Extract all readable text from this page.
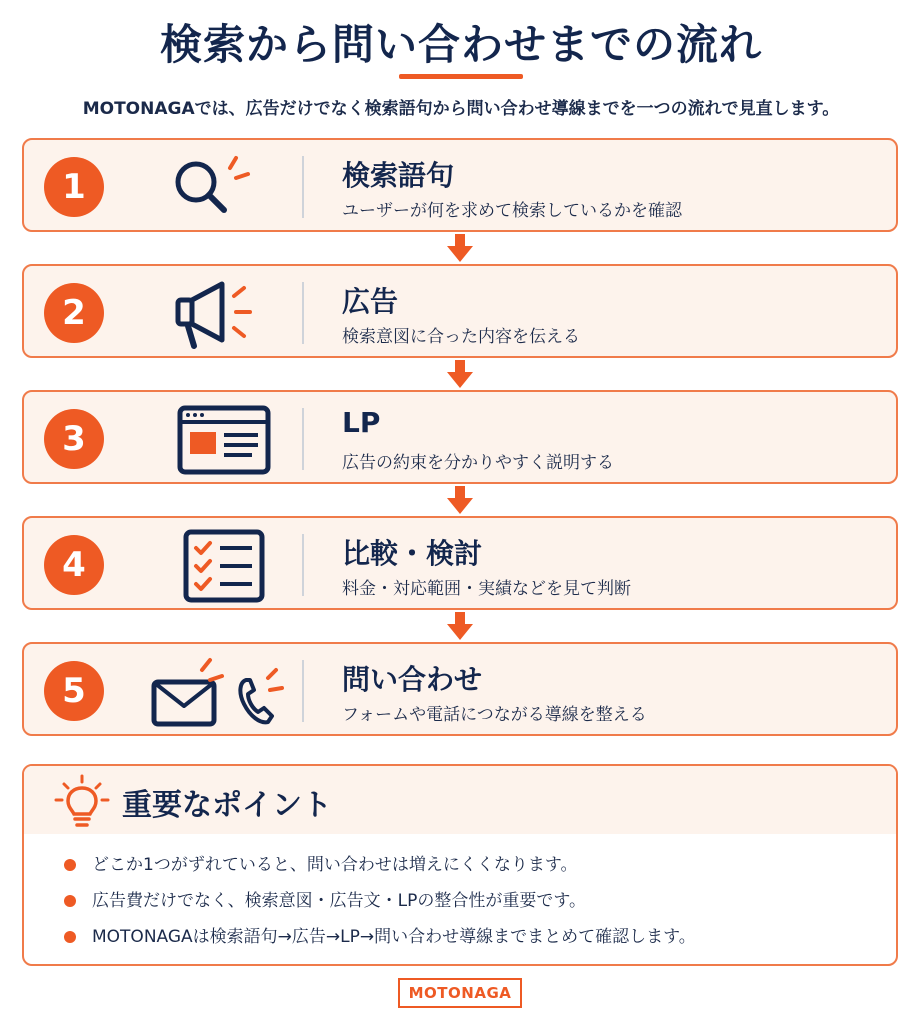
検索から問い合わせまでの流れ
MOTONAGAでは、広告だけでなく検索語句から問い合わせ導線までを一つの流れで見直します。
1	検索語句
ユーザーが何を求めて検索しているかを確認
2	広告
検索意図に合った内容を伝える
3	LP
広告の約束を分かりやすく説明する
4	比較・検討
料金・対応範囲・実績などを見て判断
5	問い合わせ
フォームや電話につながる導線を整える
重要なポイント
どこか1つがずれていると、問い合わせは増えにくくなります。
広告費だけでなく、検索意図・広告文・LPの整合性が重要です。
MOTONAGAは検索語句→広告→LP→問い合わせ導線までまとめて確認します。
MOTONAGA
